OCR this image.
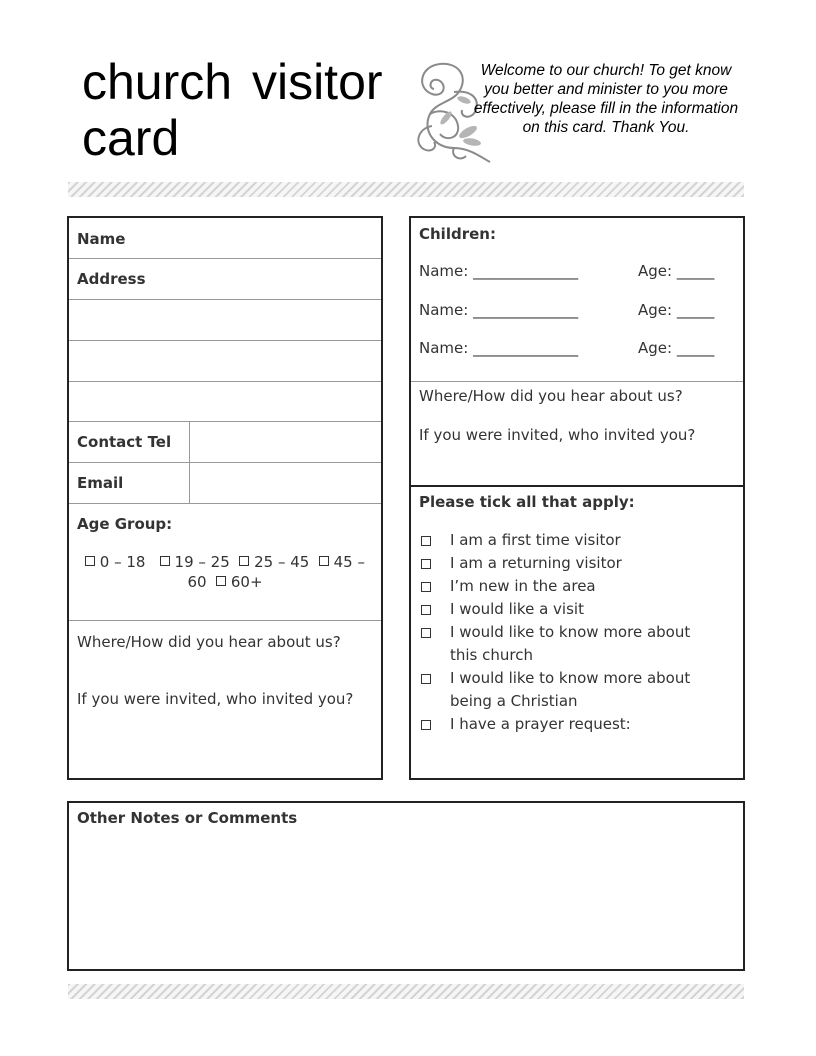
church visitor
card
Welcome to our church! To get know you better and minister to you more effectively, please fill in the information on this card. Thank You.
Name
Address
Contact Tel
Email
Age Group:
0 – 18 19 – 25 25 – 45 45 – 60 60+
Where/How did you hear about us?
If you were invited, who invited you?
Children:
Name: ______________	Age: _____
Name: ______________	Age: _____
Name: ______________	Age: _____
Where/How did you hear about us?
If you were invited, who invited you?
Please tick all that apply:
I am a first time visitor
I am a returning visitor
I’m new in the area
I would like a visit
I would like to know more about this church
I would like to know more about being a Christian
I have a prayer request:
Other Notes or Comments
